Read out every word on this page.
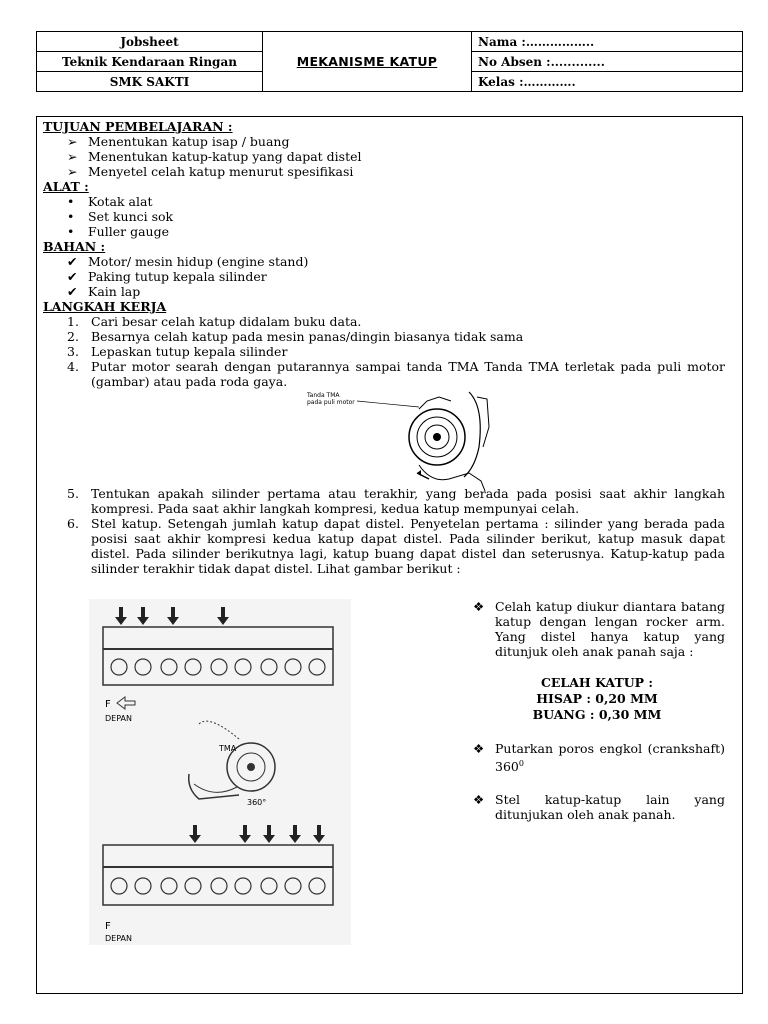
Jobsheet	MEKANISME KATUP	Nama :……………..
Teknik Kendaraan Ringan		No Absen :.............
SMK SAKTI		Kelas :………….
TUJUAN PEMBELAJARAN :
➢ Menentukan katup isap / buang
➢ Menentukan katup-katup yang dapat distel
➢ Menyetel celah katup menurut spesifikasi
ALAT :
•	Kotak alat
•	Set kunci sok
•	Fuller gauge
BAHAN :
✔ Motor/ mesin hidup (engine stand)
✔ Paking tutup kepala silinder
✔ Kain lap
LANGKAH KERJA
1. Cari besar celah katup didalam buku data.
2. Besarnya celah katup pada mesin panas/dingin biasanya tidak sama
3. Lepaskan tutup kepala silinder
4. Putar motor searah dengan putarannya sampai tanda TMA Tanda TMA terletak pada puli motor (gambar) atau pada roda gaya.
5. Tentukan apakah silinder pertama atau terakhir, yang berada pada posisi saat akhir langkah kompresi. Pada saat akhir langkah kompresi, kedua katup mempunyai celah.
6. Stel katup. Setengah jumlah katup dapat distel. Penyetelan pertama : silinder yang berada pada posisi saat akhir kompresi kedua katup dapat distel. Pada silinder berikut, katup masuk dapat distel. Pada silinder berikutnya lagi, katup buang dapat distel dan seterusnya. Katup-katup pada silinder terakhir tidak dapat distel. Lihat gambar berikut :
Tanda TMA
pada puli motor
F
DEPAN
TMA
360°
F
DEPAN
❖ Celah katup diukur diantara batang katup dengan lengan rocker arm. Yang distel hanya katup yang ditunjuk oleh anak panah saja :
CELAH KATUP :
HISAP : 0,20 MM
BUANG : 0,30 MM
❖ Putarkan poros engkol (crankshaft) $360^0$
❖ Stel katup-katup lain yang ditunjukan oleh anak panah.
